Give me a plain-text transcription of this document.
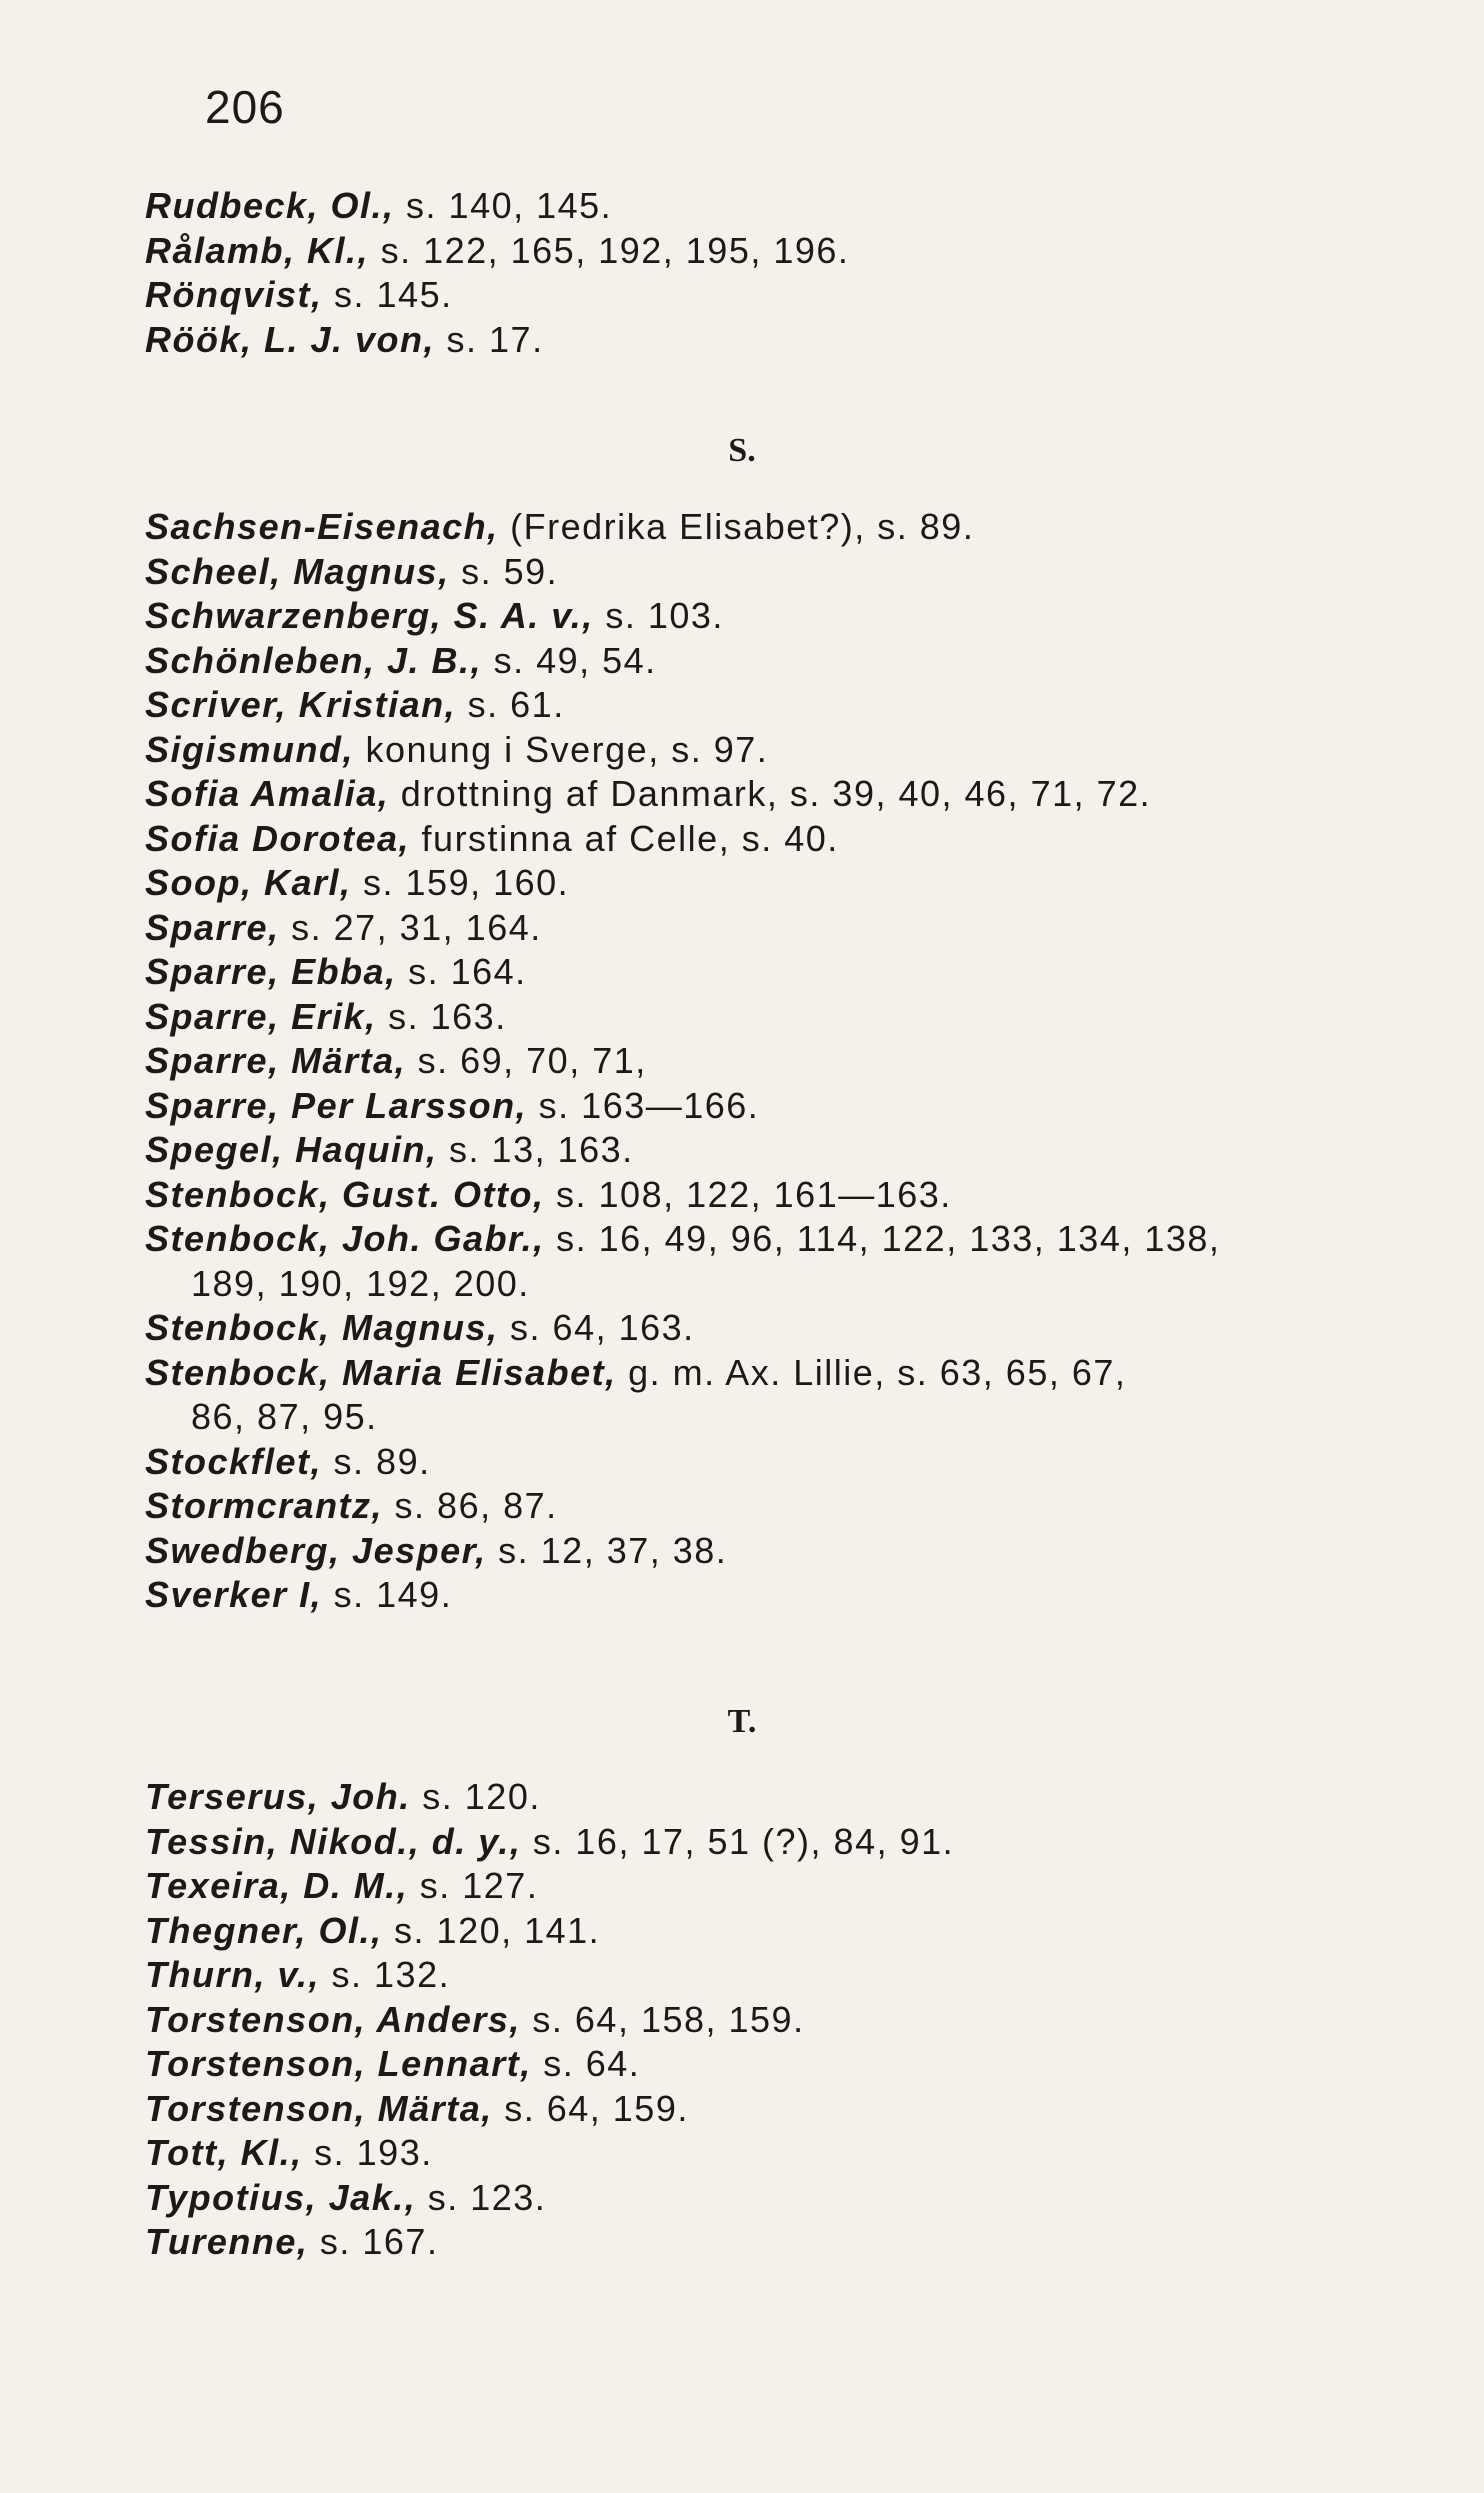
206
Rudbeck, Ol., s. 140, 145.
Rålamb, Kl., s. 122, 165, 192, 195, 196.
Rönqvist, s. 145.
Röök, L. J. von, s. 17.
S.
Sachsen-Eisenach, (Fredrika Elisabet?), s. 89.
Scheel, Magnus, s. 59.
Schwarzenberg, S. A. v., s. 103.
Schönleben, J. B., s. 49, 54.
Scriver, Kristian, s. 61.
Sigismund, konung i Sverge, s. 97.
Sofia Amalia, drottning af Danmark, s. 39, 40, 46, 71, 72.
Sofia Dorotea, furstinna af Celle, s. 40.
Soop, Karl, s. 159, 160.
Sparre, s. 27, 31, 164.
Sparre, Ebba, s. 164.
Sparre, Erik, s. 163.
Sparre, Märta, s. 69, 70, 71,
Sparre, Per Larsson, s. 163—166.
Spegel, Haquin, s. 13, 163.
Stenbock, Gust. Otto, s. 108, 122, 161—163.
Stenbock, Joh. Gabr., s. 16, 49, 96, 114, 122, 133, 134, 138,
189, 190, 192, 200.
Stenbock, Magnus, s. 64, 163.
Stenbock, Maria Elisabet, g. m. Ax. Lillie, s. 63, 65, 67,
86, 87, 95.
Stockflet, s. 89.
Stormcrantz, s. 86, 87.
Swedberg, Jesper, s. 12, 37, 38.
Sverker I, s. 149.
T.
Terserus, Joh. s. 120.
Tessin, Nikod., d. y., s. 16, 17, 51 (?), 84, 91.
Texeira, D. M., s. 127.
Thegner, Ol., s. 120, 141.
Thurn, v., s. 132.
Torstenson, Anders, s. 64, 158, 159.
Torstenson, Lennart, s. 64.
Torstenson, Märta, s. 64, 159.
Tott, Kl., s. 193.
Typotius, Jak., s. 123.
Turenne, s. 167.
